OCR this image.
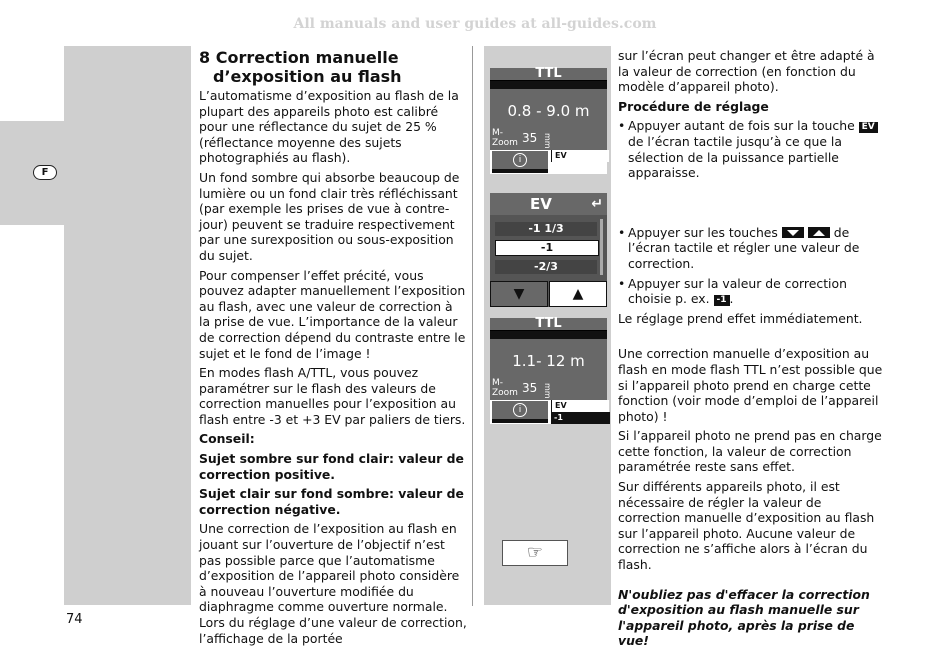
All manuals and user guides at all-guides.com
F
8 Correction manuelle
d’exposition au flash

L’automatisme d’exposition au flash de la plupart des appareils photo est calibré pour une réflectance du sujet de 25 % (réflectance moyenne des sujets photographiés au flash).

Un fond sombre qui absorbe beaucoup de lumière ou un fond clair très réfléchissant (par exemple les prises de vue à contre-jour) peuvent se traduire respectivement par une surexposition ou sous-exposition du sujet.

Pour compenser l’effet précité, vous pouvez adapter manuellement l’exposition au flash, avec une valeur de correction à la prise de vue. L’importance de la valeur de correction dépend du contraste entre le sujet et le fond de l’image !

En modes flash A/TTL, vous pouvez paramétrer sur le flash des valeurs de correction manuelles pour l’exposition au flash entre -3 et +3 EV par paliers de tiers.

Conseil:

Sujet sombre sur fond clair: valeur de correction positive.

Sujet clair sur fond sombre: valeur de correction négative.

Une correction de l’exposition au flash en jouant sur l’ouverture de l’objectif n’est pas possible parce que l’automatisme d’exposition de l’appareil photo considère à nouveau l’ouverture modifiée du diaphragme comme ouverture normale. Lors du réglage d’une valeur de correction, l’affichage de la portée

sur l’écran peut changer et être adapté à la valeur de correction (en fonction du modèle d’appareil photo).

Procédure de réglage

• Appuyer autant de fois sur la touche EV de l’écran tactile jusqu’à ce que la sélection de la puissance partielle apparaisse.
• Appuyer sur les touches
	de l’écran tactile et régler une valeur de correction.
• Appuyer sur la valeur de correction choisie p. ex. -1 .

Le réglage prend effet immédiatement.

Une correction manuelle d’exposition au flash en mode flash TTL n’est possible que si l’appareil photo prend en charge cette fonction (voir mode d’emploi de l’appareil photo) !

Si l’appareil photo ne prend pas en charge cette fonction, la valeur de correction paramétrée reste sans effet.

Sur différents appareils photo, il est nécessaire de régler la valeur de correction manuelle d’exposition au flash sur l’appareil photo. Aucune valeur de correction ne s’affiche alors à l’écran du flash.

N'oubliez pas d'effacer la correction d'exposition au flash manuelle sur l'appareil photo, après la prise de vue!

TTL
0.8 - 9.0 m
M-
Zoom 35 mm
i	EV
EV	↵
-1 1/3
-1
-2/3
▼	▲
TTL
1.1- 12 m
M-
Zoom 35 mm
i	EV
-1
☞
74
